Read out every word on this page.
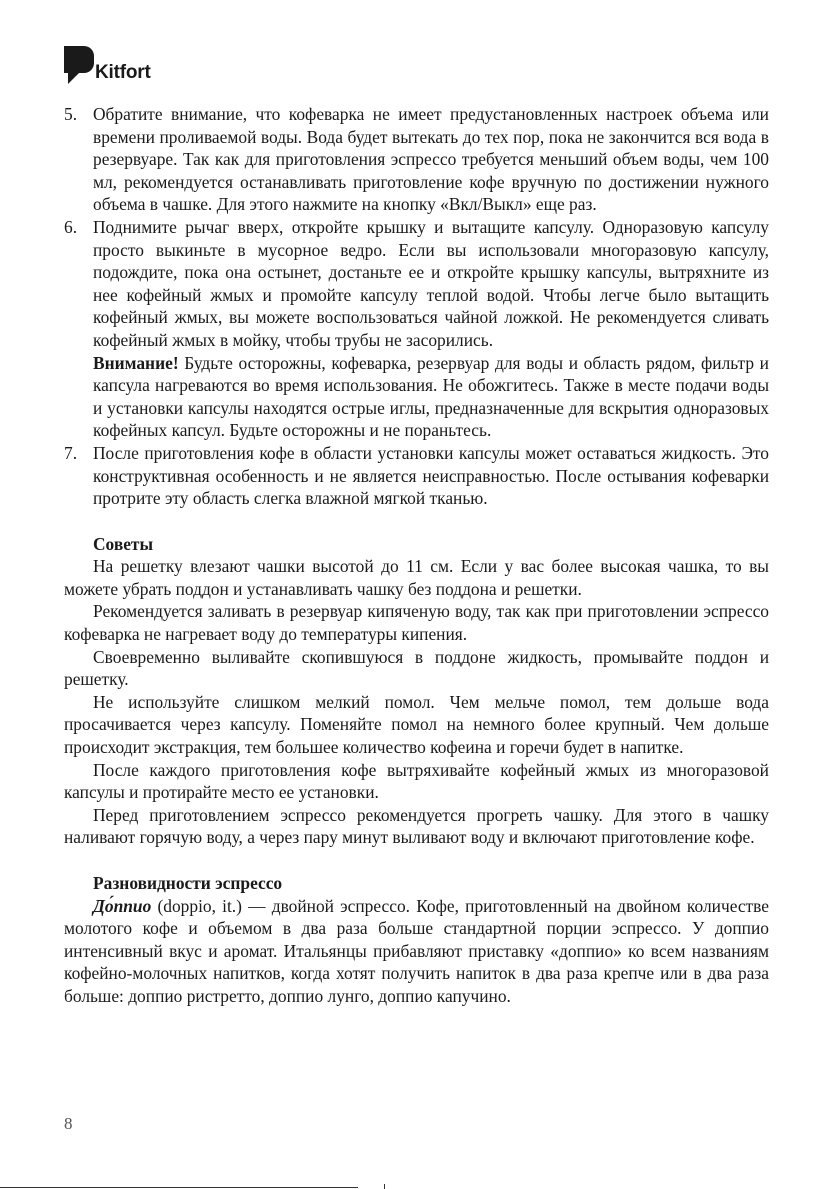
Kitfort
5. Обратите внимание, что кофеварка не имеет предустановленных настроек объема или времени проливаемой воды. Вода будет вытекать до тех пор, пока не закончится вся вода в резервуаре. Так как для приготовления эспрессо требуется меньший объем воды, чем 100 мл, рекомендуется останавливать приготовление кофе вручную по достижении нужного объема в чашке. Для этого нажмите на кнопку «Вкл/Выкл» еще раз.

6. Поднимите рычаг вверх, откройте крышку и вытащите капсулу. Одноразовую капсулу просто выкиньте в мусорное ведро. Если вы использовали многоразовую капсулу, подождите, пока она остынет, достаньте ее и откройте крышку капсулы, вытряхните из нее кофейный жмых и промойте капсулу теплой водой. Чтобы легче было вытащить кофейный жмых, вы можете воспользоваться чайной ложкой. Не рекомендуется сливать кофейный жмых в мойку, чтобы трубы не засорились.

Внимание! Будьте осторожны, кофеварка, резервуар для воды и область рядом, фильтр и капсула нагреваются во время использования. Не обожгитесь. Также в месте подачи воды и установки капсулы находятся острые иглы, предназначенные для вскрытия одноразовых кофейных капсул. Будьте осторожны и не пораньтесь.

7. После приготовления кофе в области установки капсулы может оставаться жидкость. Это конструктивная особенность и не является неисправностью. После остывания кофеварки протрите эту область слегка влажной мягкой тканью.

Советы

На решетку влезают чашки высотой до 11 см. Если у вас более высокая чашка, то вы можете убрать поддон и устанавливать чашку без поддона и решетки.

Рекомендуется заливать в резервуар кипяченую воду, так как при приготовлении эспрессо кофеварка не нагревает воду до температуры кипения.

Своевременно выливайте скопившуюся в поддоне жидкость, промывайте поддон и решетку.

Не используйте слишком мелкий помол. Чем мельче помол, тем дольше вода просачивается через капсулу. Поменяйте помол на немного более крупный. Чем дольше происходит экстракция, тем большее количество кофеина и горечи будет в напитке.

После каждого приготовления кофе вытряхивайте кофейный жмых из многоразовой капсулы и протирайте место ее установки.

Перед приготовлением эспрессо рекомендуется прогреть чашку. Для этого в чашку наливают горячую воду, а через пару минут выливают воду и включают приготовление кофе.

Разновидности эспрессо

До́ппио (doppio, it.) — двойной эспрессо. Кофе, приготовленный на двойном количестве молотого кофе и объемом в два раза больше стандартной порции эспрессо. У доппио интенсивный вкус и аромат. Итальянцы прибавляют приставку «доппио» ко всем названиям кофейно-молочных напитков, когда хотят получить напиток в два раза крепче или в два раза больше: доппио ристретто, доппио лунго, доппио капучино.

8
